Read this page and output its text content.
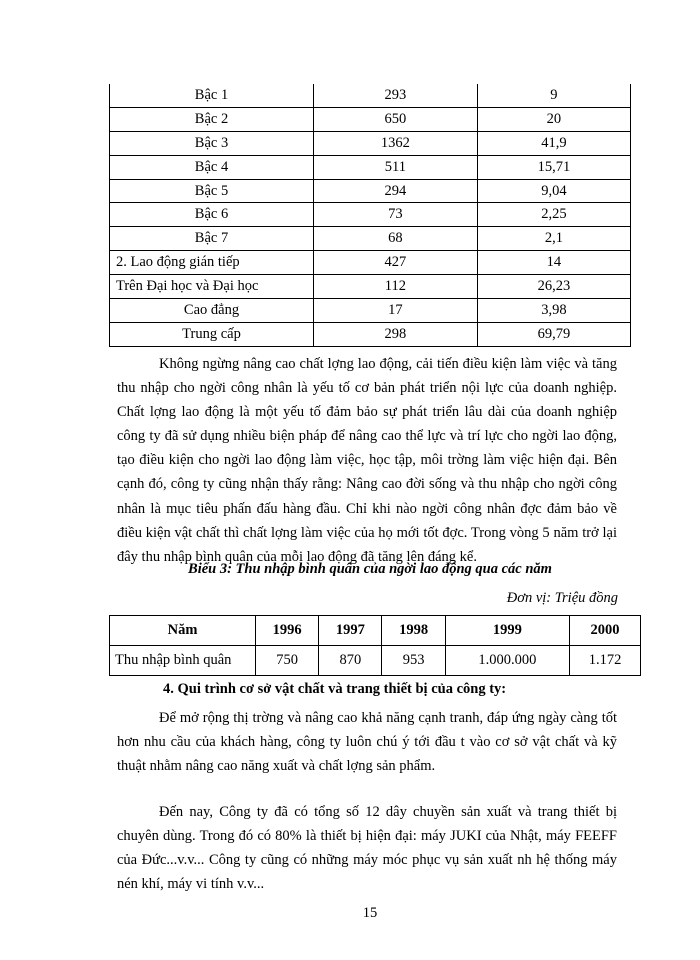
Bậc 1	293	9
Bậc 2	650	20
Bậc 3	1362	41,9
Bậc 4	511	15,71
Bậc 5	294	9,04
Bậc 6	73	2,25
Bậc 7	68	2,1
2. Lao động gián tiếp	427	14
Trên Đại học và Đại học	112	26,23
Cao đẳng	17	3,98
Trung cấp	298	69,79

Không ngừng nâng cao chất lợng lao động, cải tiến điều kiện làm việc và tăng thu nhập cho ngời công nhân là yếu tố cơ bản phát triển nội lực của doanh nghiệp. Chất lợng lao động là một yếu tố đảm bảo sự phát triển lâu dài của doanh nghiệp công ty đã sử dụng nhiều biện pháp để nâng cao thể lực và trí lực cho ngời lao động, tạo điều kiện cho ngời lao động làm việc, học tập, môi trờng làm việc hiện đại. Bên cạnh đó, công ty cũng nhận thấy rằng: Nâng cao đời sống và thu nhập cho ngời công nhân là mục tiêu phấn đấu hàng đầu. Chỉ khi nào ngời công nhân đợc đảm bảo về điều kiện vật chất thì chất lợng làm việc của họ mới tốt đợc. Trong vòng 5 năm trở lại đây thu nhập bình quân của mỗi lao động đã tăng lên đáng kể.

Biểu 3: Thu nhập bình quân của ngời lao động qua các năm
Đơn vị: Triệu đồng
Năm	1996	1997	1998	1999	2000
Thu nhập bình quân	750	870	953	1.000.000	1.172
4. Qui trình cơ sở vật chất và trang thiết bị của công ty:

Để mở rộng thị trờng và nâng cao khả năng cạnh tranh, đáp ứng ngày càng tốt hơn nhu cầu của khách hàng, công ty luôn chú ý tới đầu t vào cơ sở vật chất và kỹ thuật nhằm nâng cao năng xuất và chất lợng sản phẩm.

Đến nay, Công ty đã có tổng số 12 dây chuyền sản xuất và trang thiết bị chuyên dùng. Trong đó có 80% là thiết bị hiện đại: máy JUKI của Nhật, máy FEEFF của Đức...v.v... Công ty cũng có những máy móc phục vụ sản xuất nh hệ thống máy nén khí, máy vi tính v.v...

15
